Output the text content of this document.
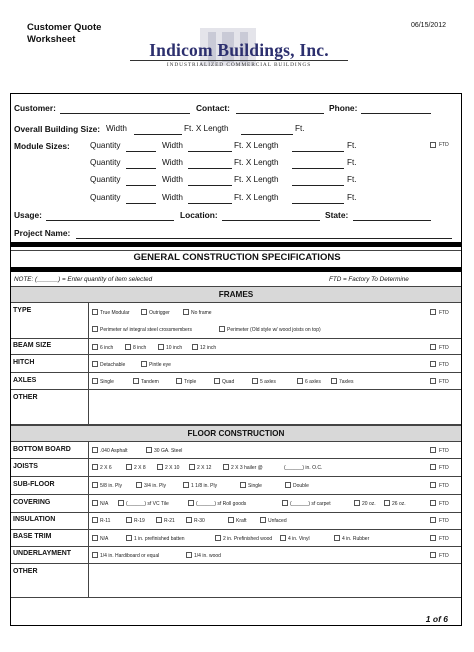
Customer Quote
Worksheet
06/15/2012
Indicom Buildings, Inc.
INDUSTRIALIZED COMMERCIAL BUILDINGS
Customer:	Contact:	Phone:
Overall Building Size: Width	Ft. X Length	Ft.
Module Sizes: Quantity	Width	Ft. X Length	Ft.	FTD
Quantity	Width	Ft. X Length	Ft.
Quantity	Width	Ft. X Length	Ft.
Quantity	Width	Ft. X Length	Ft.
Usage:	Location:	State:
Project Name:
GENERAL CONSTRUCTION SPECIFICATIONS
NOTE: (______) = Enter quantity of item selected	FTD = Factory To Determine
FRAMES
TYPE	True Modular	Outrigger	No frame	FTD
Perimeter w/ integral steel crossmembers	Perimeter (Old style w/ wood joists on top)
BEAM SIZE	6 inch	8 inch	10 inch	12 inch	FTD
HITCH	Detachable	Pintle eye	FTD
AXLES	Single	Tandem	Triple	Quad	5 axles	6 axles	7axles	FTD
OTHER
FLOOR CONSTRUCTION
BOTTOM BOARD	.040 Asphalt	30 GA. Steel	FTD
JOISTS	2 X 6	2 X 8	2 X 10	2 X 12	2 X 3 hailer @	(______) in. O.C.	FTD
SUB-FLOOR	5/8 in. Ply	3/4 in. Ply	1 1/8 in. Ply	Single	Double	FTD
COVERING	N/A	(______) sf VC Tile	(______) sf Roll goods	(______) sf carpet	20 oz.	26 oz.	FTD
INSULATION	R-11	R-19	R-21	R-30	Kraft	Unfaced	FTD
BASE TRIM	N/A	1 in. prefinished batten	2 in. Prefinished wood	4 in. Vinyl	4 in. Rubber	FTD
UNDERLAYMENT	1/4 in. Hardiboard or equal	1/4 in. wood	FTD
OTHER
1 of 6
